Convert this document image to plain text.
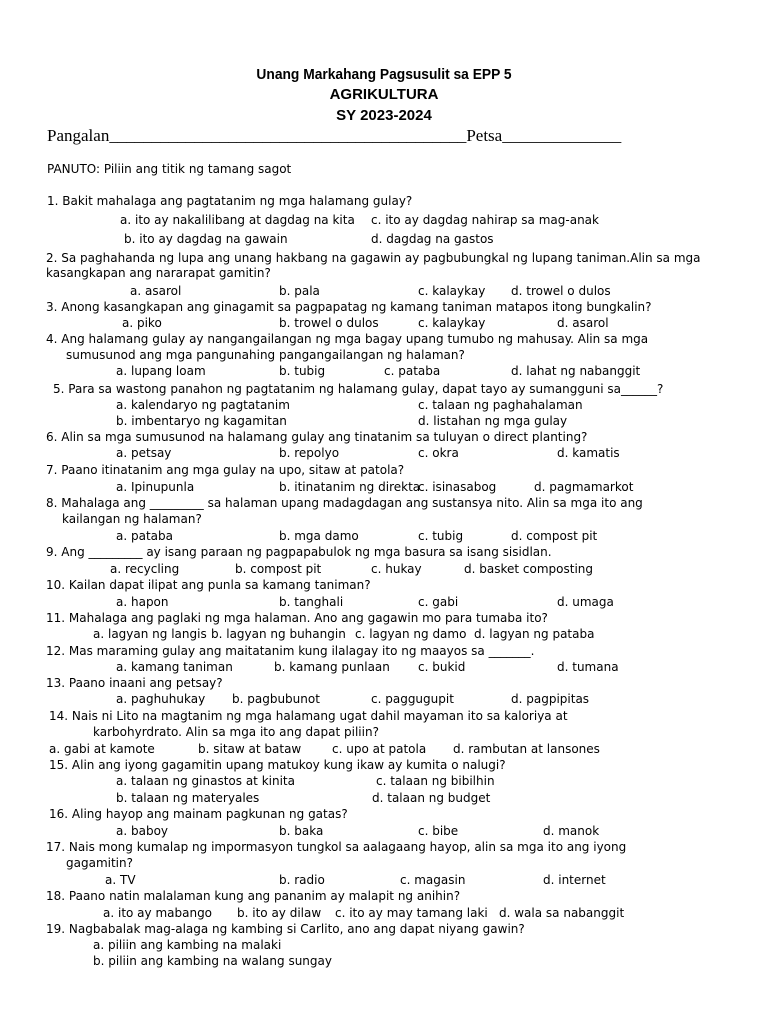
Unang Markahang Pagsusulit sa EPP 5
AGRIKULTURA
SY 2023-2024
Pangalan__________________________________________Petsa______________
PANUTO: Piliin ang titik ng tamang sagot
1. Bakit mahalaga ang pagtatanim ng mga halamang gulay?
a. ito ay nakalilibang at dagdag na kita c. ito ay dagdag nahirap sa mag-anak
b. ito ay dagdag na gawain	d. dagdag na gastos
2. Sa paghahanda ng lupa ang unang hakbang na gagawin ay pagbubungkal ng lupang taniman.Alin sa mga
kasangkapan ang nararapat gamitin?
a. asarol	b. pala	c. kalaykay d. trowel o dulos
3. Anong kasangkapan ang ginagamit sa pagpapatag ng kamang taniman matapos itong bungkalin?
a. piko	b. trowel o dulos	c. kalaykay	d. asarol
4. Ang halamang gulay ay nangangailangan ng mga bagay upang tumubo ng mahusay. Alin sa mga
sumusunod ang mga pangunahing pangangailangan ng halaman?
a. lupang loam	b. tubig	c. pataba	d. lahat ng nabanggit
5. Para sa wastong panahon ng pagtatanim ng halamang gulay, dapat tayo ay sumangguni sa______?
a. kalendaryo ng pagtatanim	c. talaan ng paghahalaman
b. imbentaryo ng kagamitan	d. listahan ng mga gulay
6. Alin sa mga sumusunod na halamang gulay ang tinatanim sa tuluyan o direct planting?
a. petsay	b. repolyo	c. okra	d. kamatis
7. Paano itinatanim ang mga gulay na upo, sitaw at patola?
a. Ipinupunla	b. itinatanim ng direkta
c. isinasabog	d. pagmamarkot
8. Mahalaga ang _________ sa halaman upang madagdagan ang sustansya nito. Alin sa mga ito ang
kailangan ng halaman?
a. pataba	b. mga damo	c. tubig	d. compost pit
9. Ang _________ ay isang paraan ng pagpapabulok ng mga basura sa isang sisidlan.
a. recycling	b. compost pit	c. hukay	d. basket composting
10. Kailan dapat ilipat ang punla sa kamang taniman?
a. hapon	b. tanghali	c. gabi	d. umaga
11. Mahalaga ang paglaki ng mga halaman. Ano ang gagawin mo para tumaba ito?
a. lagyan ng langis b. lagyan ng buhangin c. lagyan ng damo d. lagyan ng pataba
12. Mas maraming gulay ang maitatanim kung ilalagay ito ng maayos sa _______.
a. kamang taniman	b. kamang punlaan c. bukid	d. tumana
13. Paano inaani ang petsay?
a. paghuhukay b. pagbubunot	c. paggugupit	d. pagpipitas
14. Nais ni Lito na magtanim ng mga halamang ugat dahil mayaman ito sa kaloriya at
karbohyrdrato. Alin sa mga ito ang dapat piliin?
a. gabi at kamote	b. sitaw at bataw	c. upo at patola d. rambutan at lansones
15. Alin ang iyong gagamitin upang matukoy kung ikaw ay kumita o nalugi?
a. talaan ng ginastos at kinita	c. talaan ng bibilhin
b. talaan ng materyales	d. talaan ng budget
16. Aling hayop ang mainam pagkunan ng gatas?
a. baboy	b. baka	c. bibe	d. manok
17. Nais mong kumalap ng impormasyon tungkol sa aalagaang hayop, alin sa mga ito ang iyong
gagamitin?
a. TV	b. radio	c. magasin	d. internet
18. Paano natin malalaman kung ang pananim ay malapit ng anihin?
a. ito ay mabango b. ito ay dilaw c. ito ay may tamang laki d. wala sa nabanggit
19. Nagbabalak mag-alaga ng kambing si Carlito, ano ang dapat niyang gawin?
a. piliin ang kambing na malaki
b. piliin ang kambing na walang sungay
